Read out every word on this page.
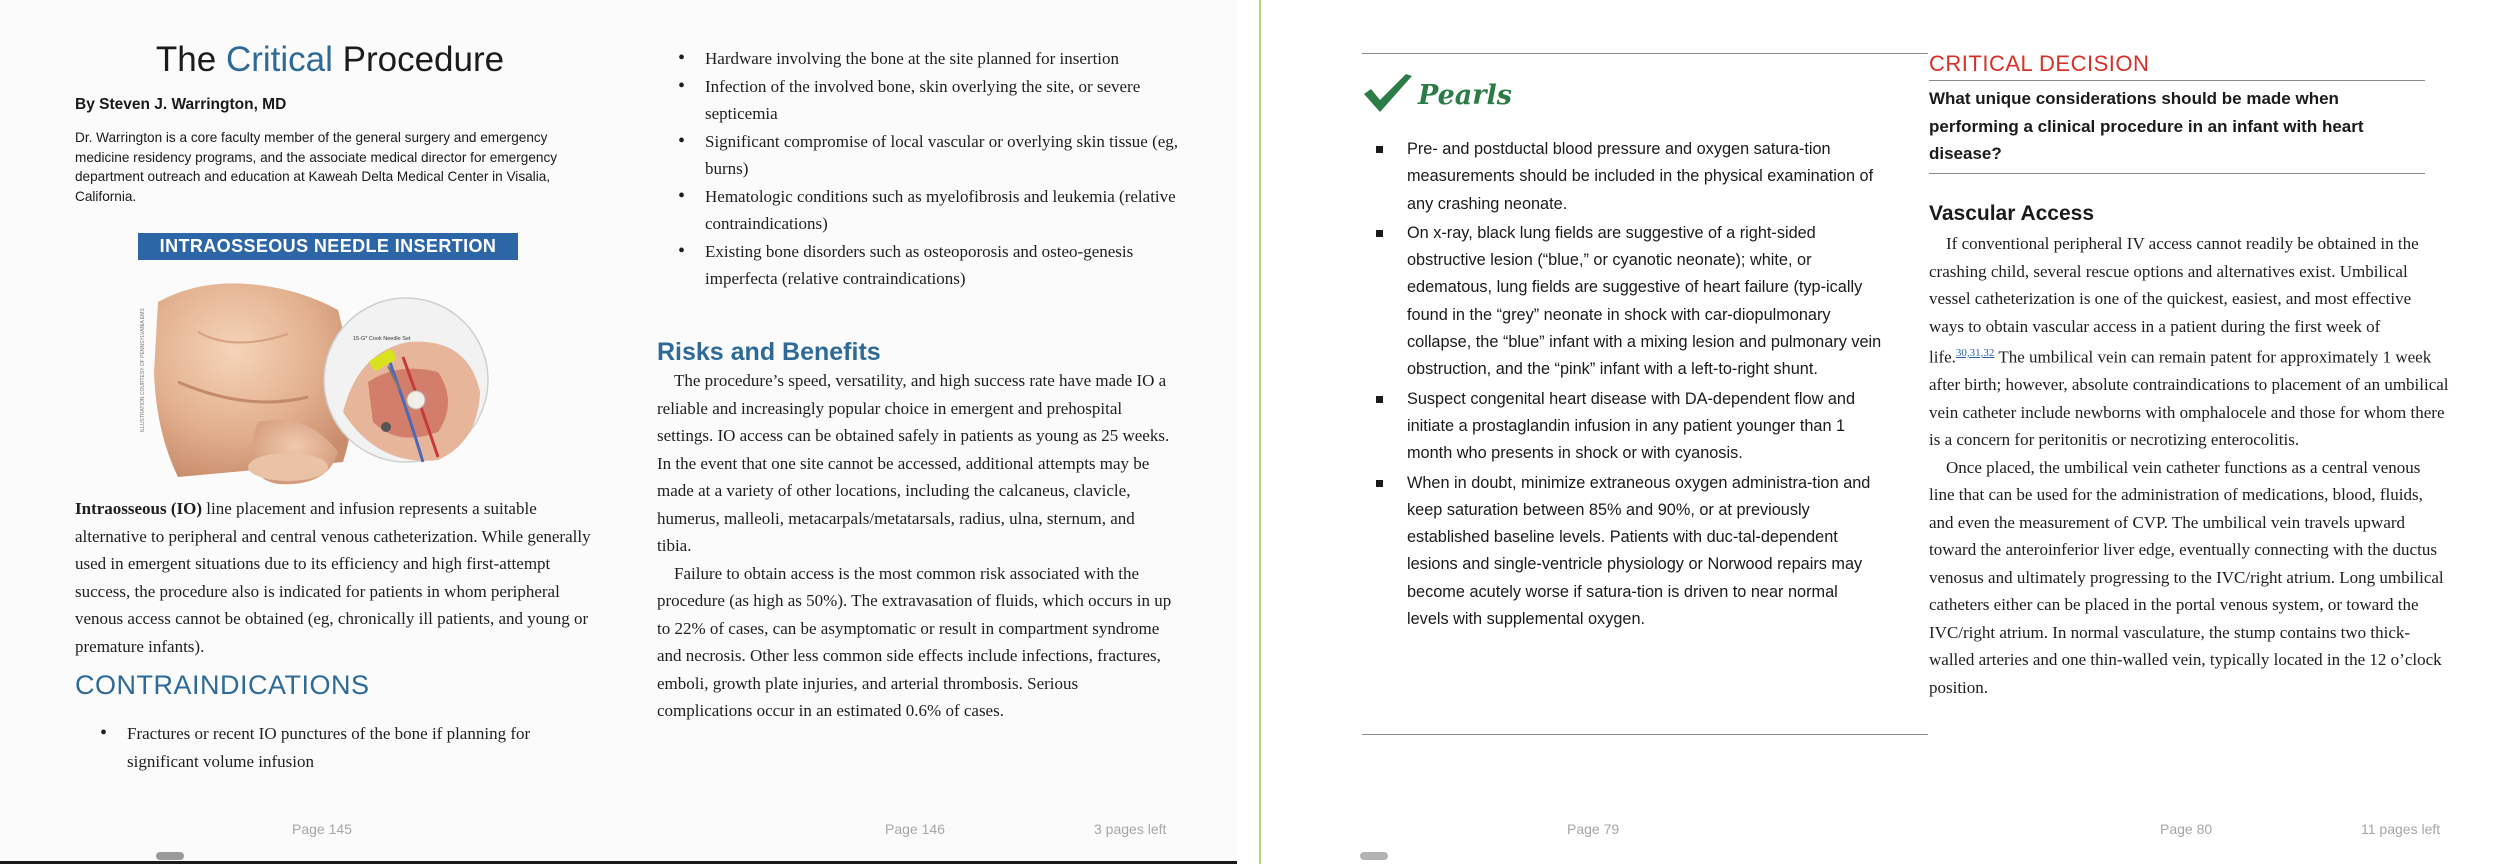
The Critical Procedure
By Steven J. Warrington, MD
Dr. Warrington is a core faculty member of the general surgery and emergency medicine residency programs, and the associate medical director for emergency department outreach and education at Kaweah Delta Medical Center in Visalia, California.
INTRAOSSEOUS NEEDLE INSERTION
ILLUSTRATION COURTESY OF PENNSYLVANIA EMS	15-G* Cook Needle Set
Intraosseous (IO) line placement and infusion represents a suitable alternative to peripheral and central venous catheterization. While generally used in emergent situations due to its efficiency and high first-attempt success, the procedure also is indicated for patients in whom peripheral venous access cannot be obtained (eg, chronically ill patients, and young or premature infants).
CONTRAINDICATIONS
• Fractures or recent IO punctures of the bone if planning for significant volume infusion
Page 145
• Hardware involving the bone at the site planned for insertion
• Infection of the involved bone, skin overlying the site, or severe septicemia
• Significant compromise of local vascular or overlying skin tissue (eg, burns)
• Hematologic conditions such as myelofibrosis and leukemia (relative contraindications)
• Existing bone disorders such as osteoporosis and osteo-genesis imperfecta (relative contraindications)
Risks and Benefits

The procedure’s speed, versatility, and high success rate have made IO a reliable and increasingly popular choice in emergent and prehospital settings. IO access can be obtained safely in patients as young as 25 weeks. In the event that one site cannot be accessed, additional attempts may be made at a variety of other locations, including the calcaneus, clavicle, humerus, malleoli, metacarpals/metatarsals, radius, ulna, sternum, and tibia.

Failure to obtain access is the most common risk associated with the procedure (as high as 50%). The extravasation of fluids, which occurs in up to 22% of cases, can be asymptomatic or result in compartment syndrome and necrosis. Other less common side effects include infections, fractures, emboli, growth plate injuries, and arterial thrombosis. Serious complications occur in an estimated 0.6% of cases.

Page 146	3 pages left
Pearls
Pre- and postductal blood pressure and oxygen satura-tion measurements should be included in the physical examination of any crashing neonate.
On x-ray, black lung fields are suggestive of a right-sided obstructive lesion (“blue,” or cyanotic neonate); white, or edematous, lung fields are suggestive of heart failure (typ-ically found in the “grey” neonate in shock with car-diopulmonary collapse, the “blue” infant with a mixing lesion and pulmonary vein obstruction, and the “pink” infant with a left-to-right shunt.
Suspect congenital heart disease with DA-dependent flow and initiate a prostaglandin infusion in any patient younger than 1 month who presents in shock or with cyanosis.
When in doubt, minimize extraneous oxygen administra-tion and keep saturation between 85% and 90%, or at previously established baseline levels. Patients with duc-tal-dependent lesions and single-ventricle physiology or Norwood repairs may become acutely worse if satura-tion is driven to near normal levels with supplemental oxygen.
Page 79
CRITICAL DECISION
What unique considerations should be made when performing a clinical procedure in an infant with heart disease?
Vascular Access

If conventional peripheral IV access cannot readily be obtained in the crashing child, several rescue options and alternatives exist. Umbilical vessel catheterization is one of the quickest, easiest, and most effective ways to obtain vascular access in a patient during the first week of life.$^{30,31,32}$ The umbilical vein can remain patent for approximately 1 week after birth; however, absolute contraindications to placement of an umbilical vein catheter include newborns with omphalocele and those for whom there is a concern for peritonitis or necrotizing enterocolitis.

Once placed, the umbilical vein catheter functions as a central venous line that can be used for the administration of medications, blood, fluids, and even the measurement of CVP. The umbilical vein travels upward toward the anteroinferior liver edge, eventually connecting with the ductus venosus and ultimately progressing to the IVC/right atrium. Long umbilical catheters either can be placed in the portal venous system, or toward the IVC/right atrium. In normal vasculature, the stump contains two thick-walled arteries and one thin-walled vein, typically located in the 12 o’clock position.

Page 80	11 pages left
